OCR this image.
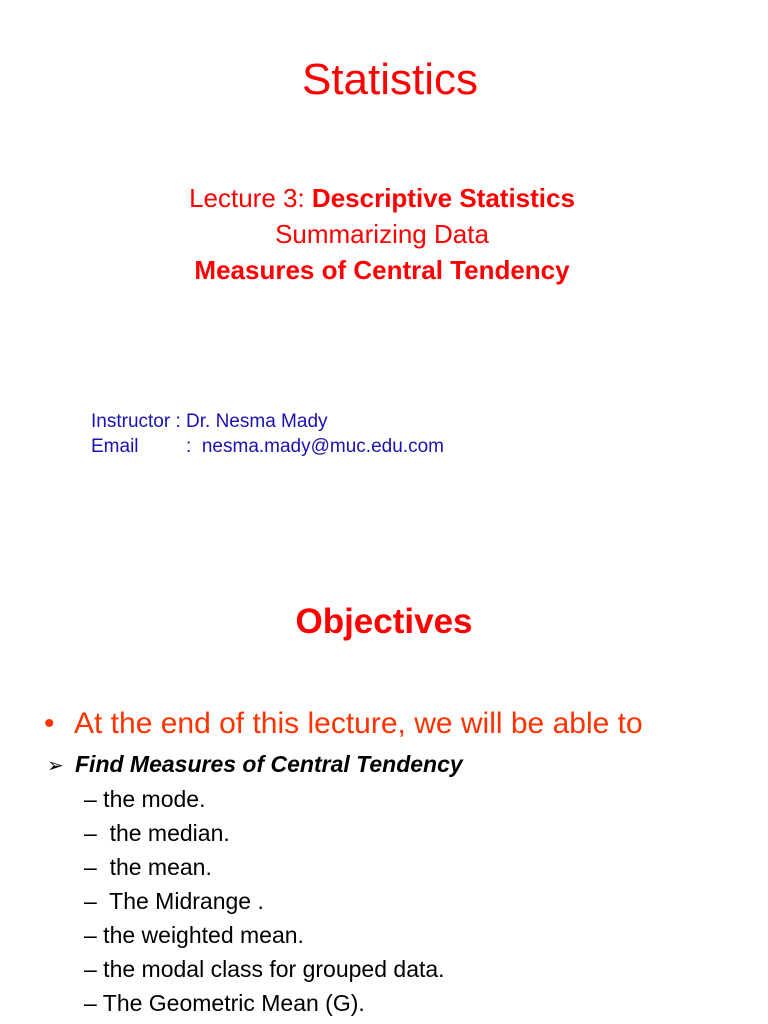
Statistics
Lecture 3: Descriptive Statistics
Summarizing Data
Measures of Central Tendency
Instructor : Dr. Nesma Mady
Email         :  nesma.mady@muc.edu.com
Objectives
• At the end of this lecture, we will be able to
➢ Find Measures of Central Tendency
– the mode.
–  the median.
–  the mean.
–  The Midrange .
– the weighted mean.
– the modal class for grouped data.
– The Geometric Mean (G).
